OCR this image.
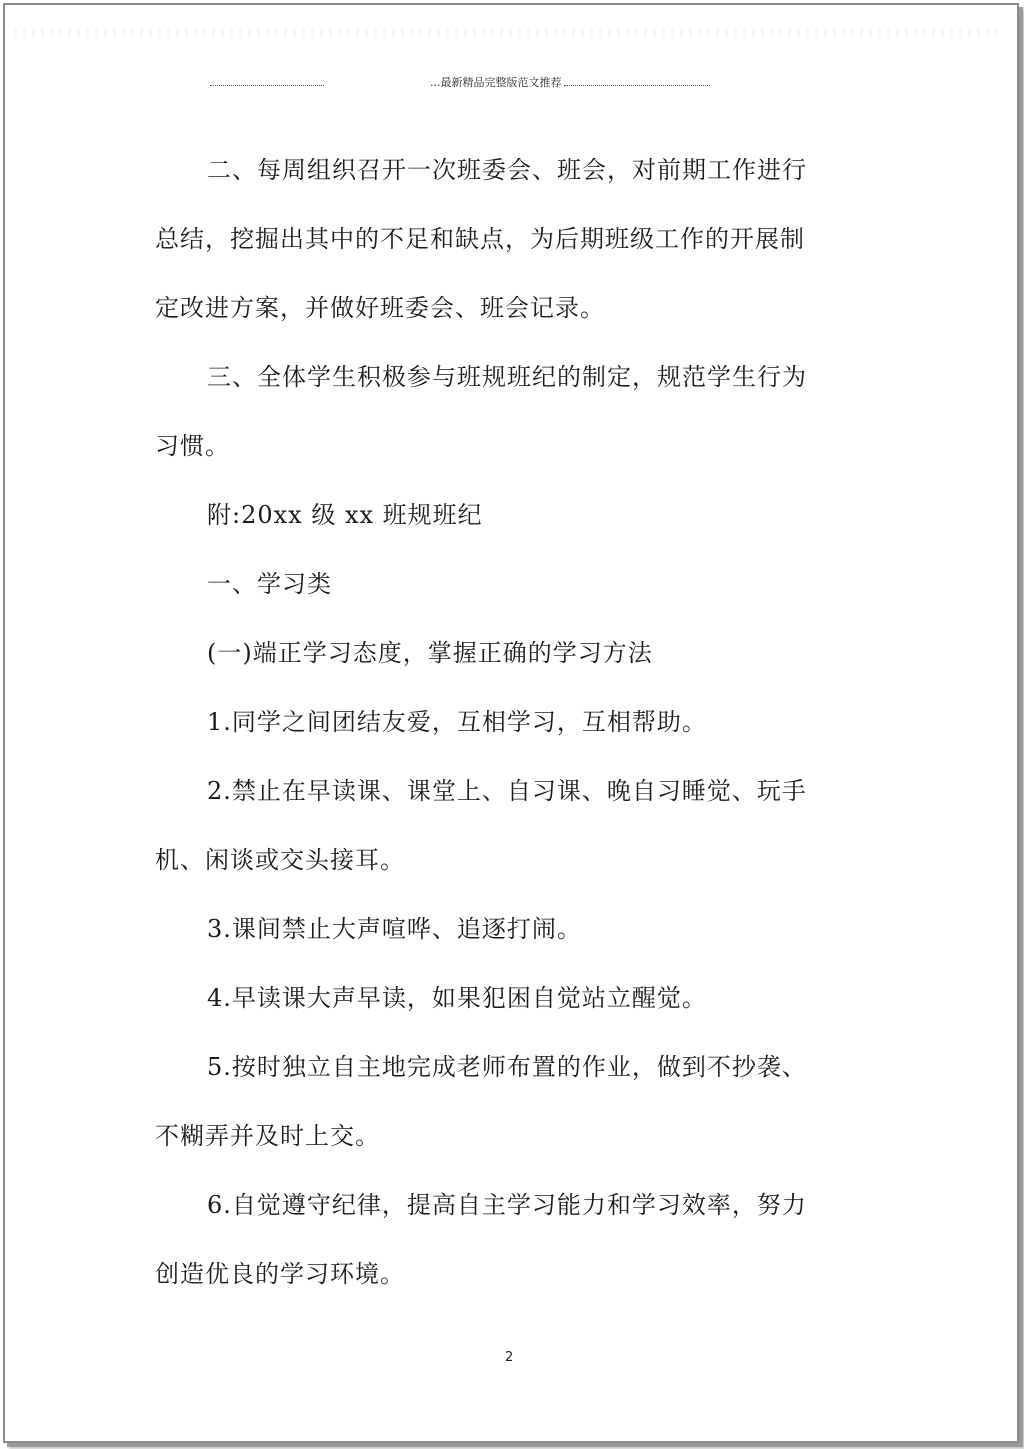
...最新精品完整版范文推荐
二、每周组织召开一次班委会、班会，对前期工作进行
总结，挖掘出其中的不足和缺点，为后期班级工作的开展制
定改进方案，并做好班委会、班会记录。
三、全体学生积极参与班规班纪的制定，规范学生行为
习惯。
附:20xx 级 xx 班规班纪
一、学习类
(一)端正学习态度，掌握正确的学习方法
1.同学之间团结友爱，互相学习，互相帮助。
2.禁止在早读课、课堂上、自习课、晚自习睡觉、玩手
机、闲谈或交头接耳。
3.课间禁止大声喧哗、追逐打闹。
4.早读课大声早读，如果犯困自觉站立醒觉。
5.按时独立自主地完成老师布置的作业，做到不抄袭、
不糊弄并及时上交。
6.自觉遵守纪律，提高自主学习能力和学习效率，努力
创造优良的学习环境。
2
